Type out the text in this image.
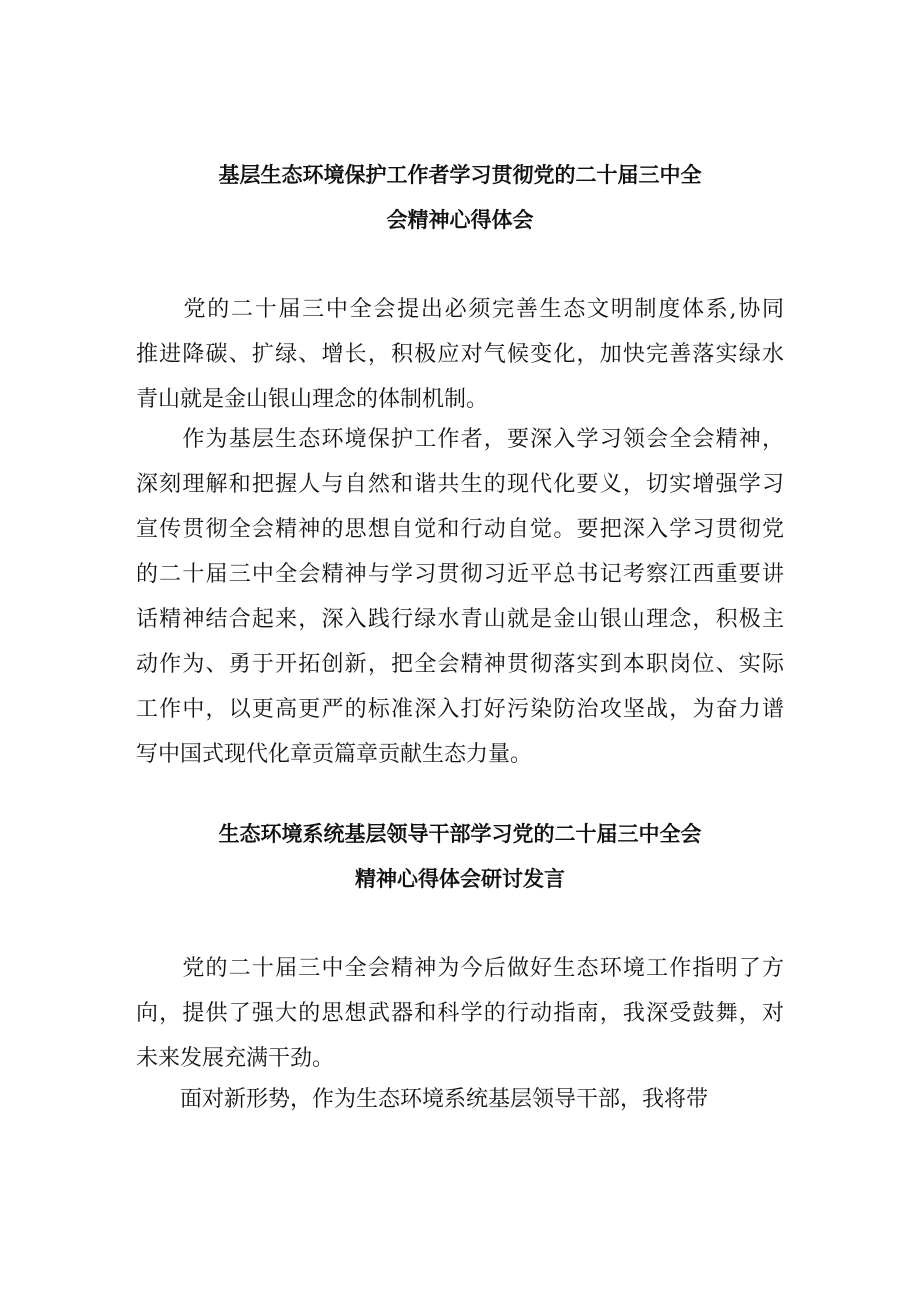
基层生态环境保护工作者学习贯彻党的二十届三中全
会精神心得体会

　　党的二十届三中全会提出必须完善生态文明制度体系,协同
推进降碳、扩绿、增长，积极应对气候变化，加快完善落实绿水
青山就是金山银山理念的体制机制。

　　作为基层生态环境保护工作者，要深入学习领会全会精神，
深刻理解和把握人与自然和谐共生的现代化要义，切实增强学习
宣传贯彻全会精神的思想自觉和行动自觉。要把深入学习贯彻党
的二十届三中全会精神与学习贯彻习近平总书记考察江西重要讲
话精神结合起来，深入践行绿水青山就是金山银山理念，积极主
动作为、勇于开拓创新，把全会精神贯彻落实到本职岗位、实际
工作中，以更高更严的标准深入打好污染防治攻坚战，为奋力谱
写中国式现代化章贡篇章贡献生态力量。

生态环境系统基层领导干部学习党的二十届三中全会
精神心得体会研讨发言

　　党的二十届三中全会精神为今后做好生态环境工作指明了方
向，提供了强大的思想武器和科学的行动指南，我深受鼓舞，对
未来发展充满干劲。

　　面对新形势，作为生态环境系统基层领导干部，我将带
